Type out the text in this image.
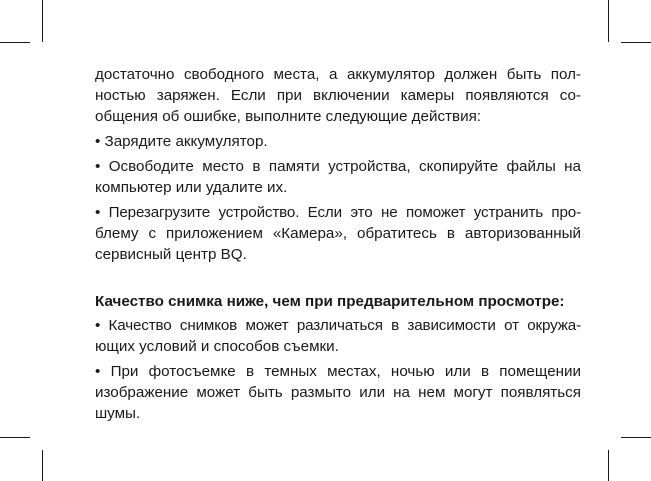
достаточно свободного места, а аккумулятор должен быть пол-
ностью заряжен. Если при включении камеры появляются со-
общения об ошибке, выполните следующие действия:
• Зарядите аккумулятор.
• Освободите место в памяти устройства, скопируйте файлы на
компьютер или удалите их.
• Перезагрузите устройство. Если это не поможет устранить про-
блему с приложением «Камера», обратитесь в авторизованный
сервисный центр BQ.
Качество снимка ниже, чем при предварительном просмотре:
• Качество снимков может различаться в зависимости от окружа-
ющих условий и способов съемки.
• При фотосъемке в темных местах, ночью или в помещении
изображение может быть размыто или на нем могут появляться
шумы.
